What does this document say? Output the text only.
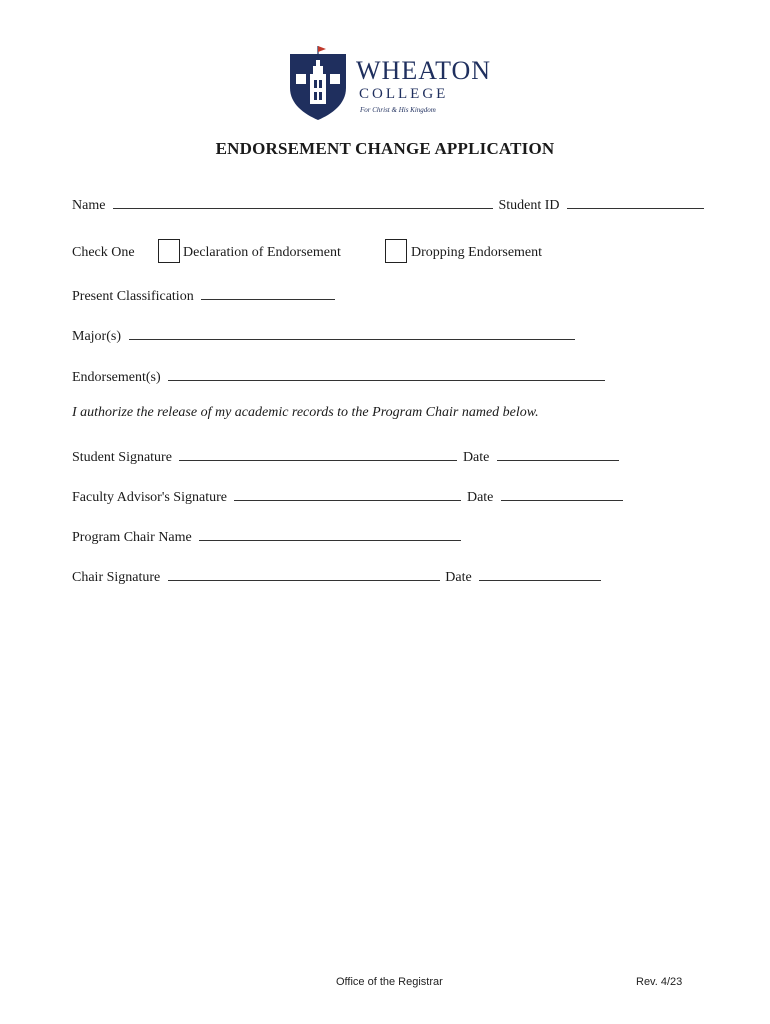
WHEATON
COLLEGE
For Christ & His Kingdom
ENDORSEMENT CHANGE APPLICATION
Name	Student ID
Check One	Declaration of Endorsement	Dropping Endorsement
Present Classification
Major(s)
Endorsement(s)
I authorize the release of my academic records to the Program Chair named below.
Student Signature	Date
Faculty Advisor's Signature	Date
Program Chair Name
Chair Signature	Date
Office of the Registrar	Rev. 4/23
